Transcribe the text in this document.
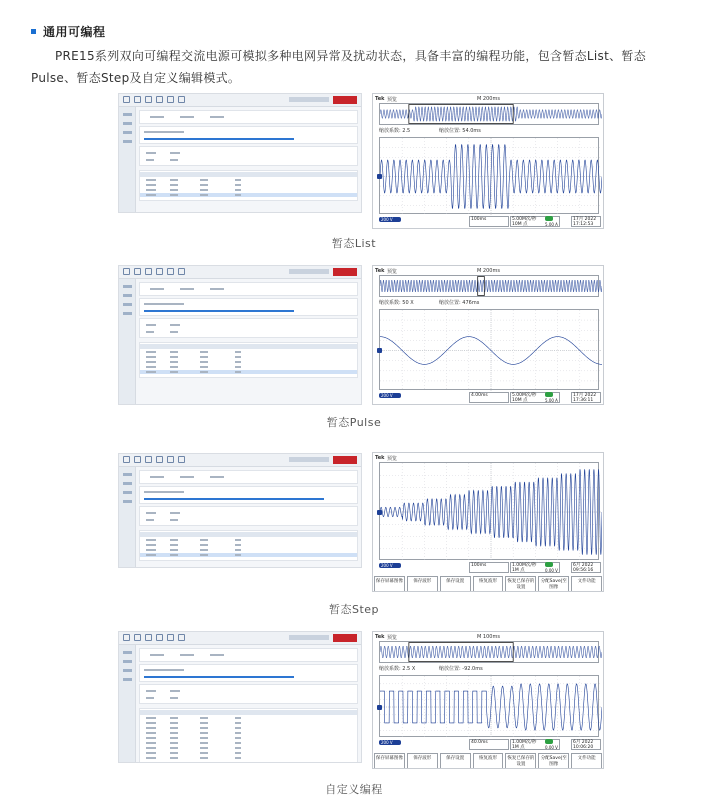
通用可编程

PRE15系列双向可编程交流电源可模拟多种电网异常及扰动状态，具备丰富的编程功能，包含暂态List、暂态Pulse、暂态Step及自定义编辑模式。

Tek 预览	M 200ms
缩放系数: 2.5	缩放位置: 54.0ms
200 V	100ms	5.00M次/秒
10M 点	5.00 A
17月 2022
17:12:53
暂态List
Tek 预览	M 200ms
缩放系数: 50 X	缩放位置: 476ms
200 V	4.00ms	5.00M次/秒
10M 点	5.00 A
17月 2022
17:36:11
暂态Pulse
Tek 预览
200 V	100ms	1.00M次/秒
1M 点	0.00 V
6月 2022
09:56:16
保存屏幕图像	保存波形	保存设置	恢复波形	恢复已保存的设置
分配Save|至图像
文件功能
暂态Step
Tek 预览	M 100ms
缩放系数: 2.5 X	缩放位置: -92.0ms
200 V	40.0ms	1.00M次/秒
1M 点	0.00 V
6月 2022
10:06:20
保存屏幕图像	保存波形	保存设置	恢复波形	恢复已保存的设置
分配Save|至图像
文件功能
自定义编程
